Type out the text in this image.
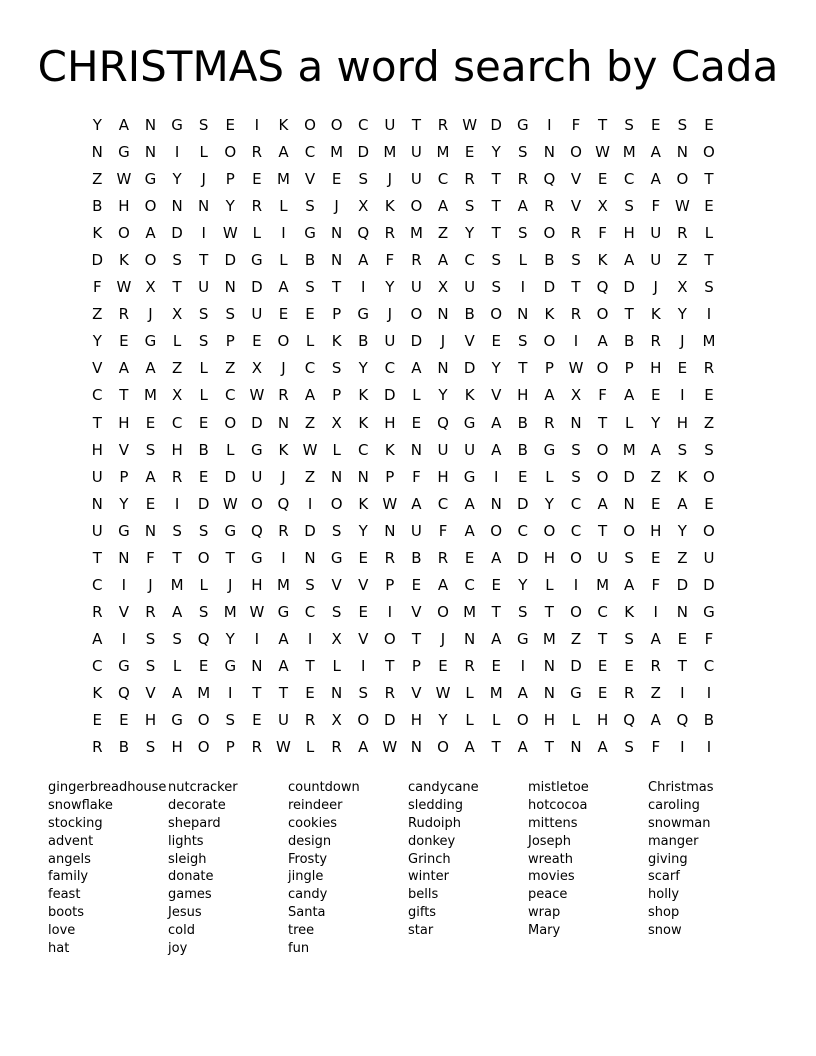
CHRISTMAS a word search by Cada
Y	A	N	G	S	E	I	K	O O	C	U	T	R W D	G	I	F	T	S	E	S	E
N	G	N	I	L	O	R	A	C M D M U M	E	Y	S	N	O W M A	N	O
Z W G	Y	J	P	E	M V	E	S	J	U	C	R	T	R	Q	V	E	C	A	O	T
B	H	O	N	N	Y	R	L	S	J	X	K	O	A	S	T	A	R	V	X	S	F W E
K	O	A	D	I	W L	I	G	N	Q	R M Z	Y	T	S	O	R	F	H	U	R	L
D	K	O	S	T	D	G	L	B	N	A	F	R	A	C	S	L	B	S	K	A	U	Z	T
F W X	T	U	N	D	A	S	T	I	Y	U	X	U	S	I	D	T	Q D	J	X	S
Z	R	J	X	S	S	U	E	E	P	G	J	O	N	B	O	N	K	R	O	T	K	Y	I
Y	E	G	L	S	P	E	O	L	K	B	U	D	J	V	E	S	O	I	A	B	R	J	M
V	A	A	Z	L	Z	X	J	C	S	Y	C	A	N	D	Y	T	P W O	P	H	E	R
C	T	M X	L	C W R	A	P	K	D	L	Y	K	V	H	A	X	F	A	E	I	E
T	H	E	C	E	O D	N	Z	X	K	H	E	Q G	A	B	R	N	T	L	Y	H	Z
H	V	S	H	B	L	G	K W L	C	K	N	U	U	A	B	G	S	O M A	S	S
U	P	A	R	E	D	U	J	Z	N	N	P	F	H	G	I	E	L	S	O D	Z	K	O
N	Y	E	I	D W O Q	I	O	K W A	C	A	N	D	Y	C	A	N	E	A	E
U	G	N	S	S	G Q	R	D	S	Y	N	U	F	A	O	C	O	C	T	O	H	Y	O
T	N	F	T	O	T	G	I	N	G	E	R	B	R	E	A	D	H	O	U	S	E	Z	U
C	I	J	M	L	J	H M	S	V	V	P	E	A	C	E	Y	L	I	M A	F	D	D
R	V	R	A	S	M W G	C	S	E	I	V	O M	T	S	T	O	C	K	I	N	G
A	I	S	S	Q	Y	I	A	I	X	V	O	T	J	N	A	G M Z	T	S	A	E	F
C	G	S	L	E	G	N	A	T	L	I	T	P	E	R	E	I	N	D	E	E	R	T	C
K	Q	V	A M	I	T	T	E	N	S	R	V W L	M A	N	G	E	R	Z	I	I
E	E	H	G O	S	E	U	R	X	O D	H	Y	L	L	O	H	L	H	Q	A	Q	B
R	B	S	H	O	P	R W L	R	A W N	O	A	T	A	T	N	A	S	F	I	I
gingerbreadhouse
snowflake
stocking
advent
angels
family
feast
boots
love
hat
nutcracker
decorate
shepard
lights
sleigh
donate
games
Jesus
cold
joy
countdown
reindeer
cookies
design
Frosty
jingle
candy
Santa
tree
fun
candycane
sledding
Rudoiph
donkey
Grinch
winter
bells
gifts
star
mistletoe
hotcocoa
mittens
Joseph
wreath
movies
peace
wrap
Mary
Christmas
caroling
snowman
manger
giving
scarf
holly
shop
snow
